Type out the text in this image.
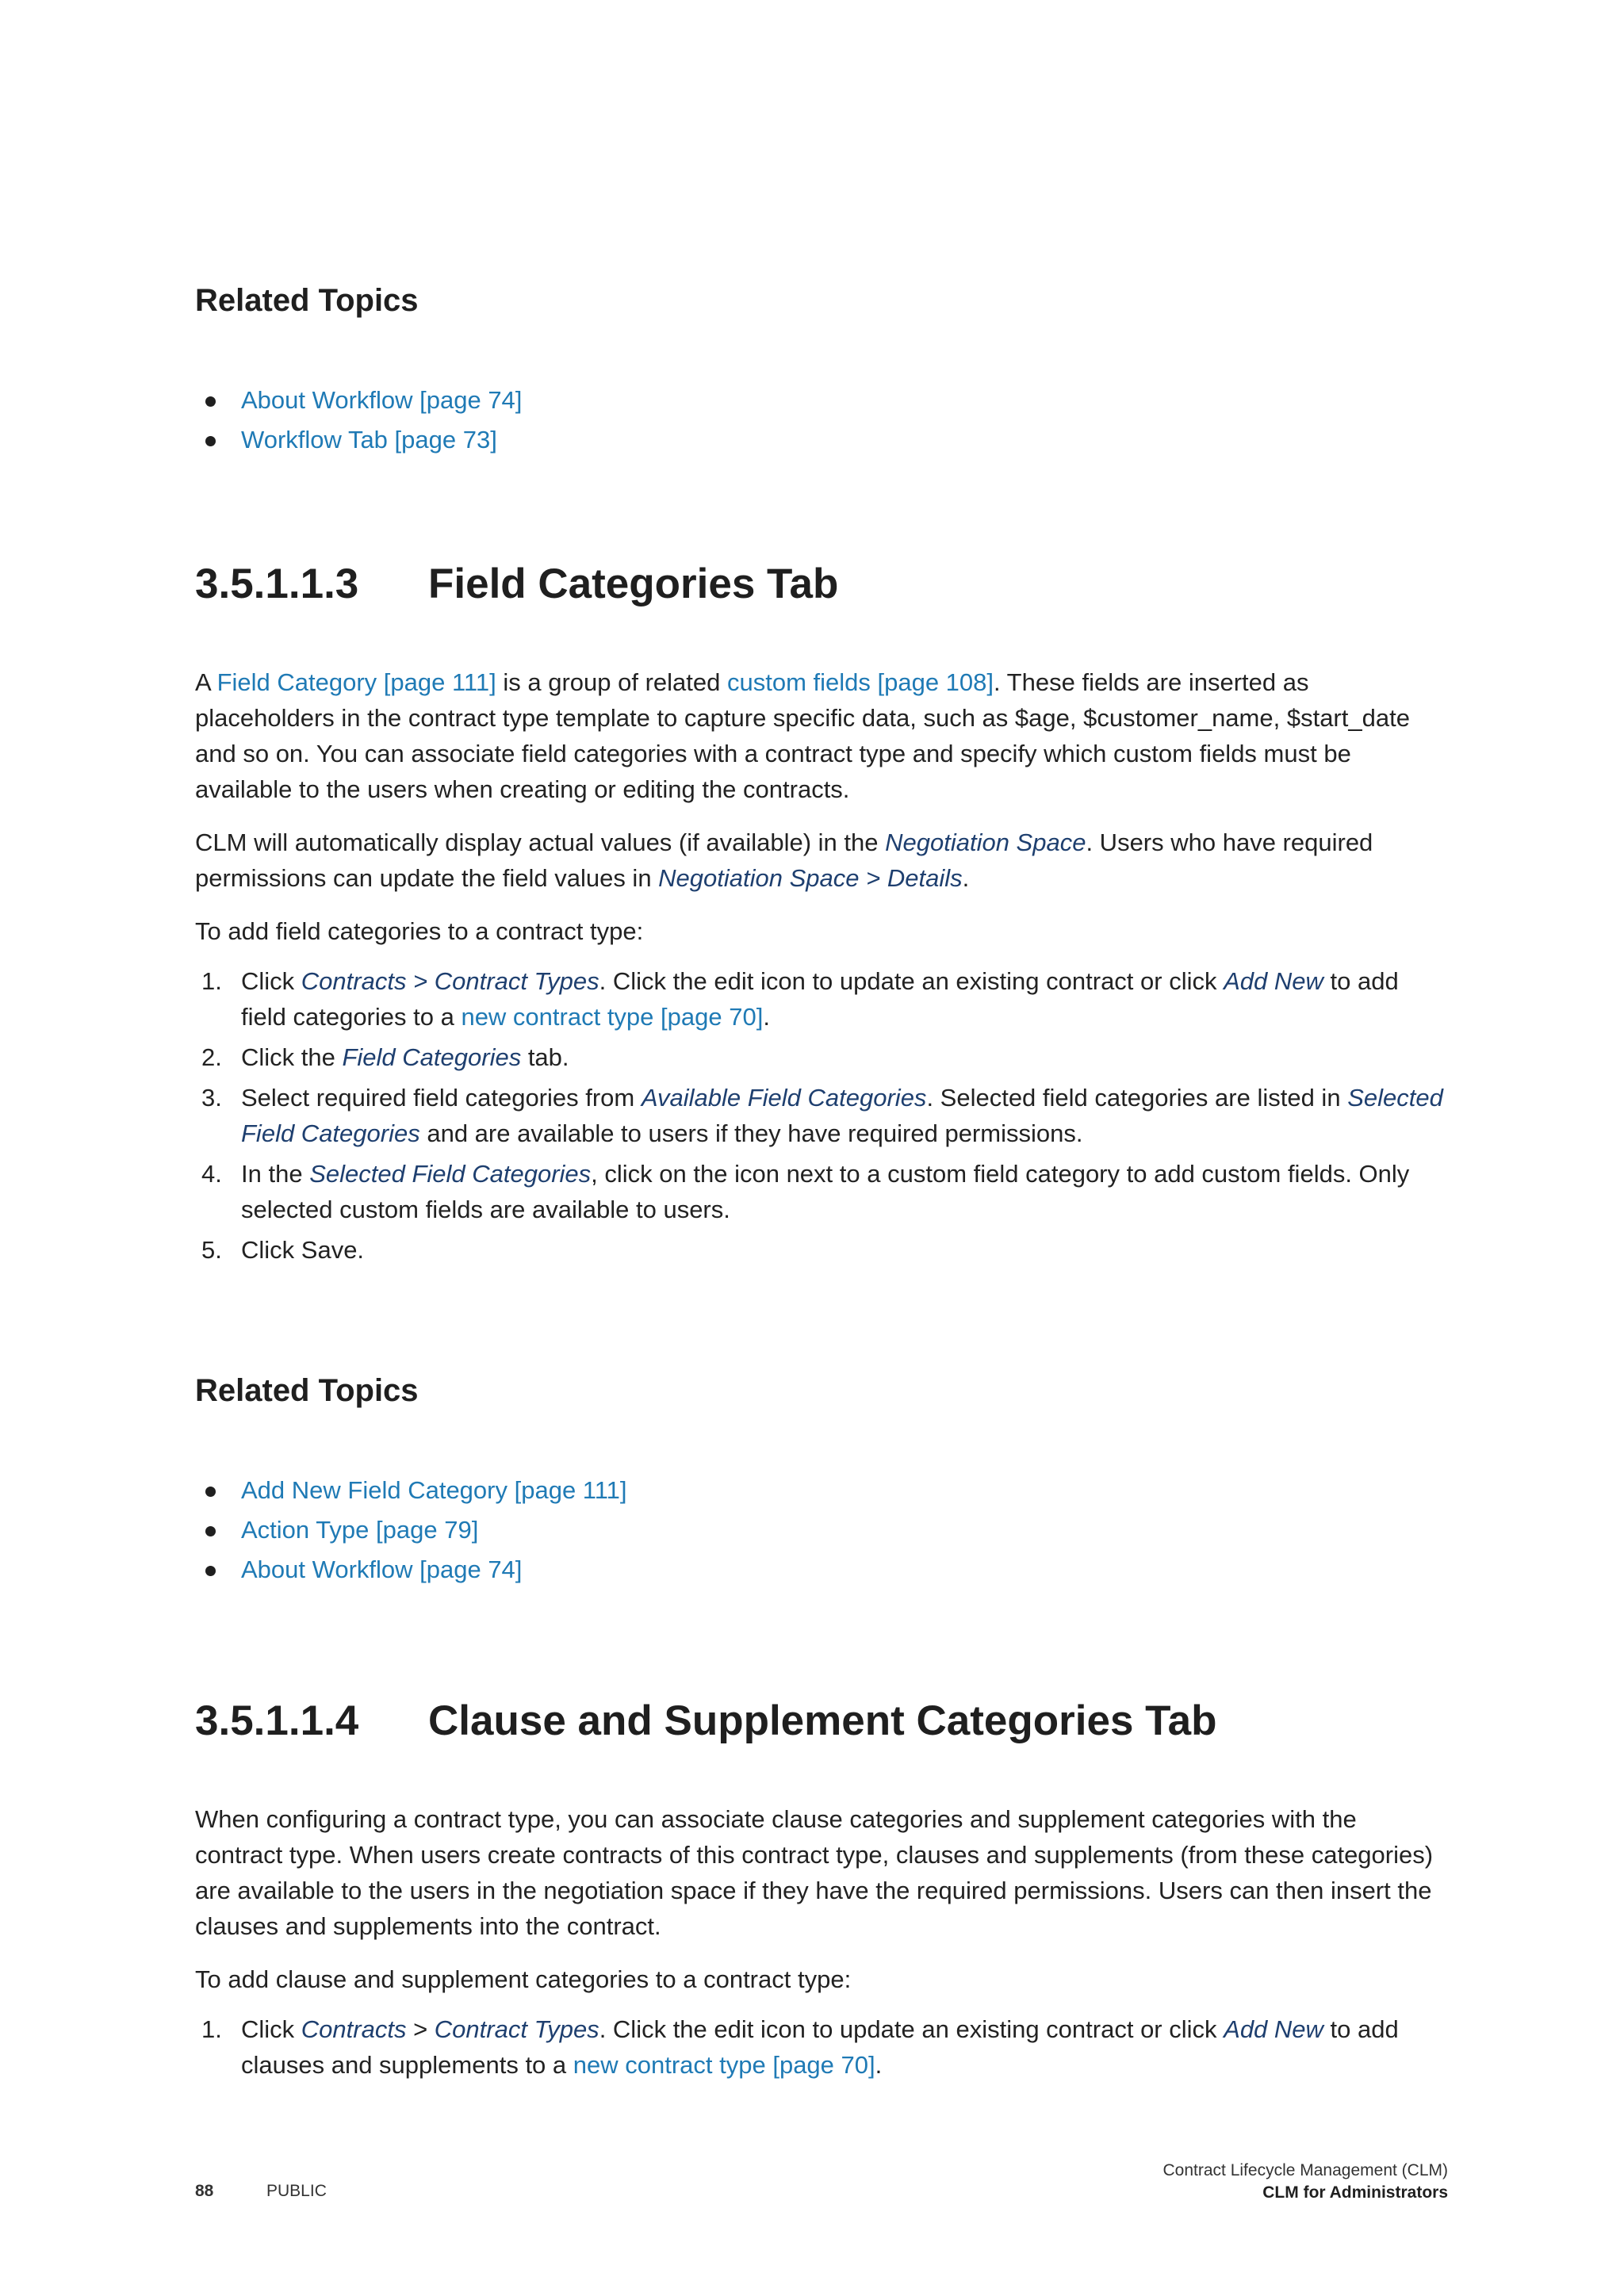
Related Topics
About Workflow [page 74]
Workflow Tab [page 73]
3.5.1.1.3 Field Categories Tab

A Field Category [page 111] is a group of related custom fields [page 108]. These fields are inserted as placeholders in the contract type template to capture specific data, such as $age, $customer_name, $start_date and so on. You can associate field categories with a contract type and specify which custom fields must be available to the users when creating or editing the contracts.

CLM will automatically display actual values (if available) in the Negotiation Space. Users who have required permissions can update the field values in Negotiation Space > Details.

To add field categories to a contract type:

1. Click Contracts > Contract Types. Click the edit icon to update an existing contract or click Add New to add field categories to a new contract type [page 70].
2. Click the Field Categories tab.
3. Select required field categories from Available Field Categories. Selected field categories are listed in Selected Field Categories and are available to users if they have required permissions.
4. In the Selected Field Categories, click on the icon next to a custom field category to add custom fields. Only selected custom fields are available to users.
5. Click Save.
Related Topics
Add New Field Category [page 111]
Action Type [page 79]
About Workflow [page 74]
3.5.1.1.4 Clause and Supplement Categories Tab

When configuring a contract type, you can associate clause categories and supplement categories with the contract type. When users create contracts of this contract type, clauses and supplements (from these categories) are available to the users in the negotiation space if they have the required permissions. Users can then insert the clauses and supplements into the contract.

To add clause and supplement categories to a contract type:

1. Click Contracts > Contract Types. Click the edit icon to update an existing contract or click Add New to add clauses and supplements to a new contract type [page 70].
88	PUBLIC
Contract Lifecycle Management (CLM)
CLM for Administrators
